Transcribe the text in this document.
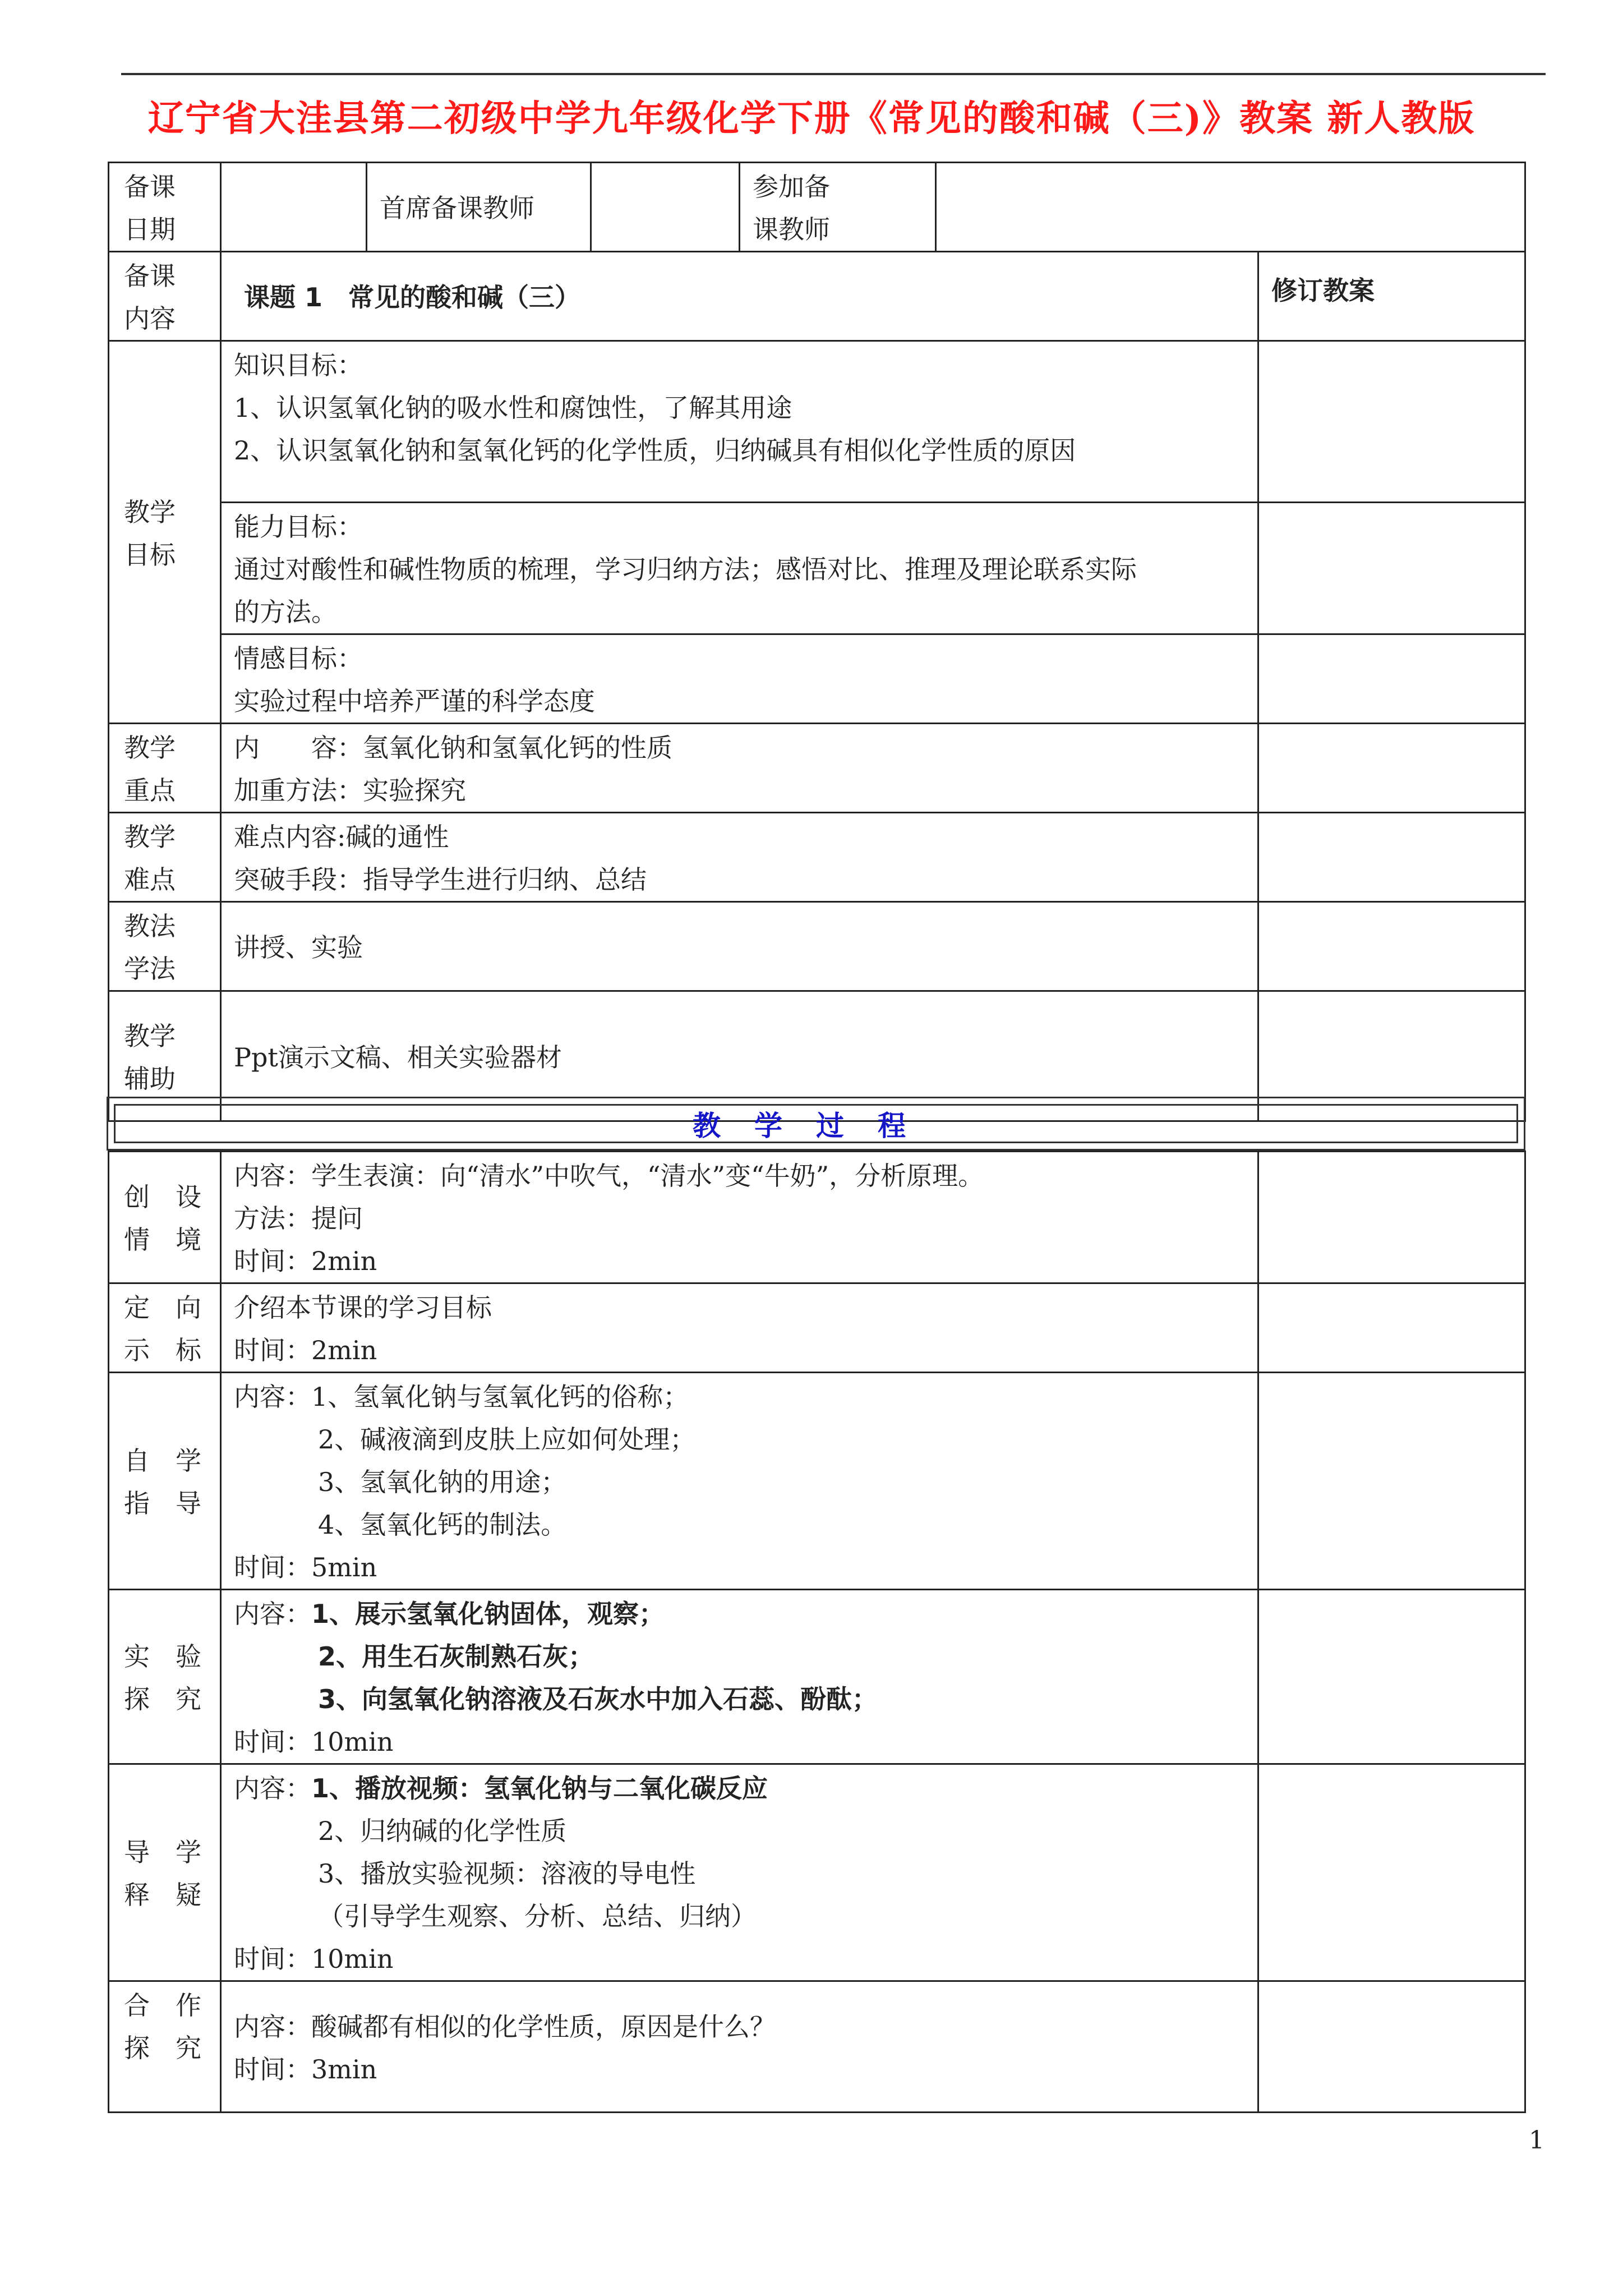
辽宁省大洼县第二初级中学九年级化学下册《常见的酸和碱（三)》教案 新人教版
备课
日期		首席备课教师		参加备
课教师		

备课
内容	课题 1　常见的酸和碱（三）					修订教案

教学
目标	知识目标：
1、认识氢氧化钠的吸水性和腐蚀性，了解其用途
2、认识氢氧化钠和氢氧化钙的化学性质，归纳碱具有相似化学性质的原因					

	能力目标：
通过对酸性和碱性物质的梳理，学习归纳方法；感悟对比、推理及理论联系实际
的方法。					

	情感目标：
实验过程中培养严谨的科学态度					

教学
重点	内　　容：氢氧化钠和氢氧化钙的性质
加重方法：实验探究					

教学
难点	难点内容:碱的通性
突破手段：指导学生进行归纳、总结					

教法
学法	讲授、实验					

教学
辅助	Ppt演示文稿、相关实验器材					
教学过程
创　设
情　境	内容：学生表演：向“清水”中吹气，“清水”变“牛奶”，分析原理。
方法：提问
时间：2min	

定　向
示　标	介绍本节课的学习目标
时间：2min	

自　学
指　导	内容：1、氢氧化钠与氢氧化钙的俗称；
2、碱液滴到皮肤上应如何处理；
3、氢氧化钠的用途；
4、氢氧化钙的制法。
时间：5min	

实　验
探　究	内容：1、展示氢氧化钠固体，观察；
2、用生石灰制熟石灰；
3、向氢氧化钠溶液及石灰水中加入石蕊、酚酞；
时间：10min	

导　学
释　疑	内容：1、播放视频：氢氧化钠与二氧化碳反应
2、归纳碱的化学性质
3、播放实验视频：溶液的导电性
（引导学生观察、分析、总结、归纳）
时间：10min	

合　作
探　究	内容：酸碱都有相似的化学性质，原因是什么？
时间：3min	

1
